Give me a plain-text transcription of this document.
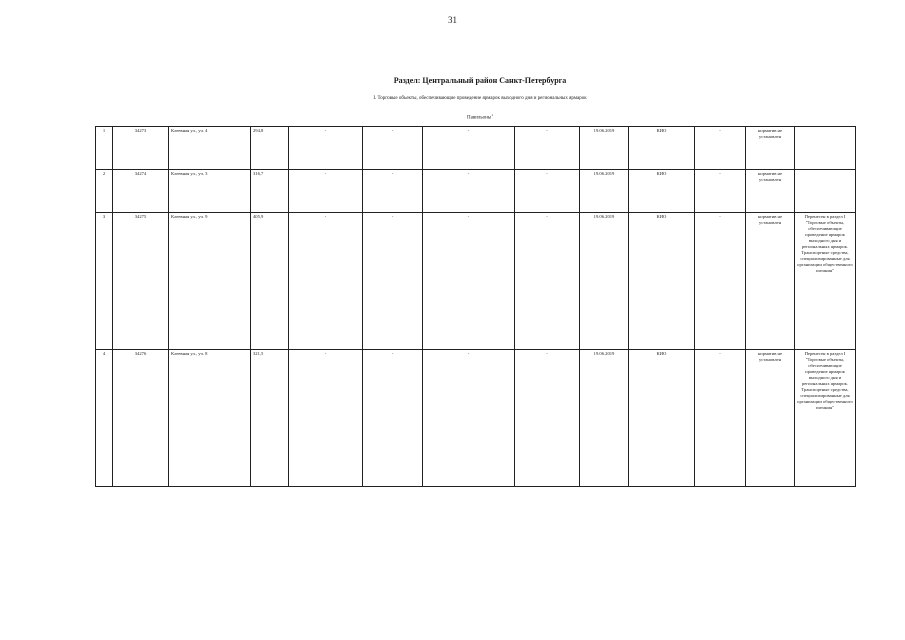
31
Раздел: Центральный район Санкт-Петербурга
I. Торговые объекты, обеспечивающие проведение ярмарок выходного дня и региональных ярмарок
Павильоны$^1$
1	34273	Клеевная ул., уч. 4	294,8	-	-	-	-	19.06.2019	КИО	-	норматив не установлен	
2	34274	Клеевная ул., уч. 3	316,7	-	-	-	-	19.06.2019	КИО	-	норматив не установлен	
3	34275	Клеевная ул., уч. 9	405,9	-	-	-	-	19.06.2019	КИО	-	норматив не установлен	Перенесен в раздел I "Торговые объекты, обеспечивающие проведение ярмарок выходного дня и региональных ярмарок. Транспортные средства, специализированные для организации общественного питания"
4	34276	Клеевная ул., уч. 8	321,5	-	-	-	-	19.06.2019	КИО	-	норматив не установлен	Перенесен в раздел I "Торговые объекты, обеспечивающие проведение ярмарок выходного дня и региональных ярмарок. Транспортные средства, специализированные для организации общественного питания"
